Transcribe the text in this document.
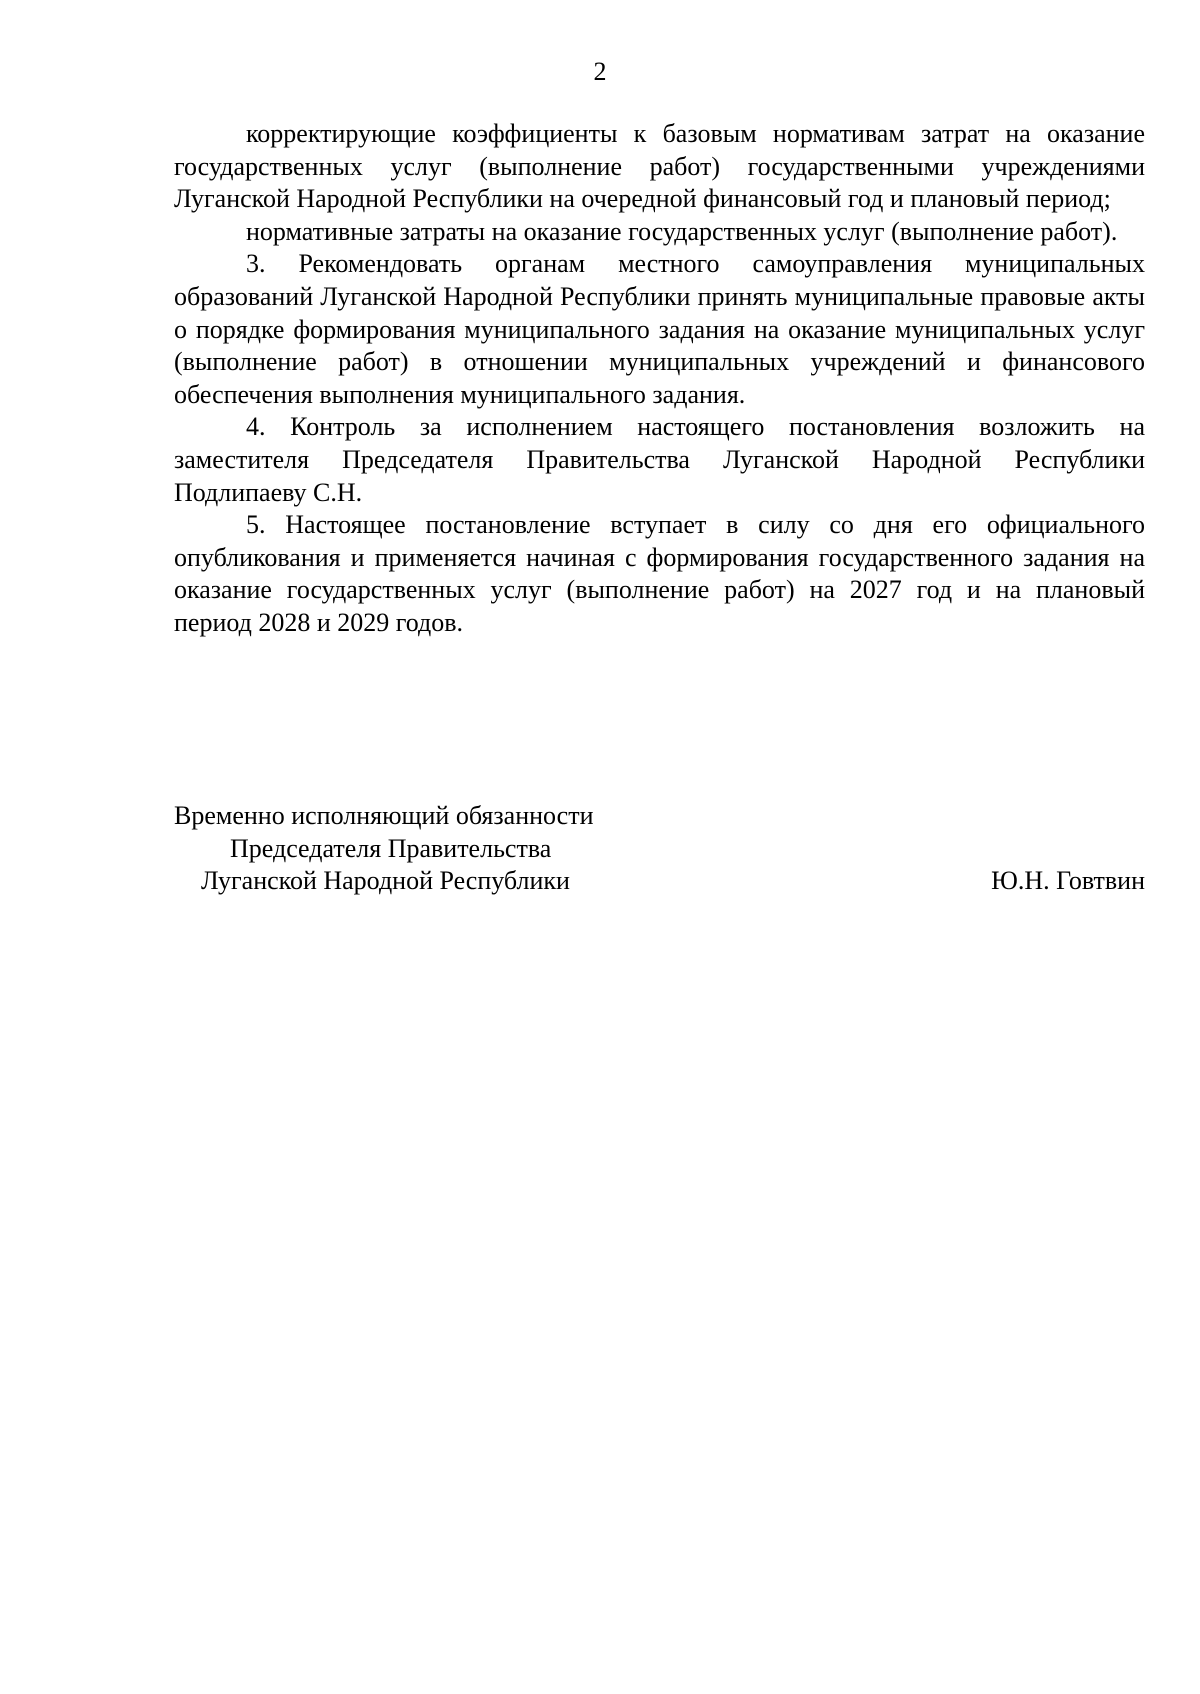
2

корректирующие коэффициенты к базовым нормативам затрат на оказание государственных услуг (выполнение работ) государственными учреждениями Луганской Народной Республики на очередной финансовый год и плановый период;

нормативные затраты на оказание государственных услуг (выполнение работ).

3. Рекомендовать органам местного самоуправления муниципальных образований Луганской Народной Республики принять муниципальные правовые акты о порядке формирования муниципального задания на оказание муниципальных услуг (выполнение работ) в отношении муниципальных учреждений и финансового обеспечения выполнения муниципального задания.

4. Контроль за исполнением настоящего постановления возложить на заместителя Председателя Правительства Луганской Народной Республики Подлипаеву С.Н.

5. Настоящее постановление вступает в силу со дня его официального опубликования и применяется начиная с формирования государственного задания на оказание государственных услуг (выполнение работ) на 2027 год и на плановый период 2028 и 2029 годов.

Временно исполняющий обязанности
Председателя Правительства
Луганской Народной Республики	Ю.Н. Говтвин
